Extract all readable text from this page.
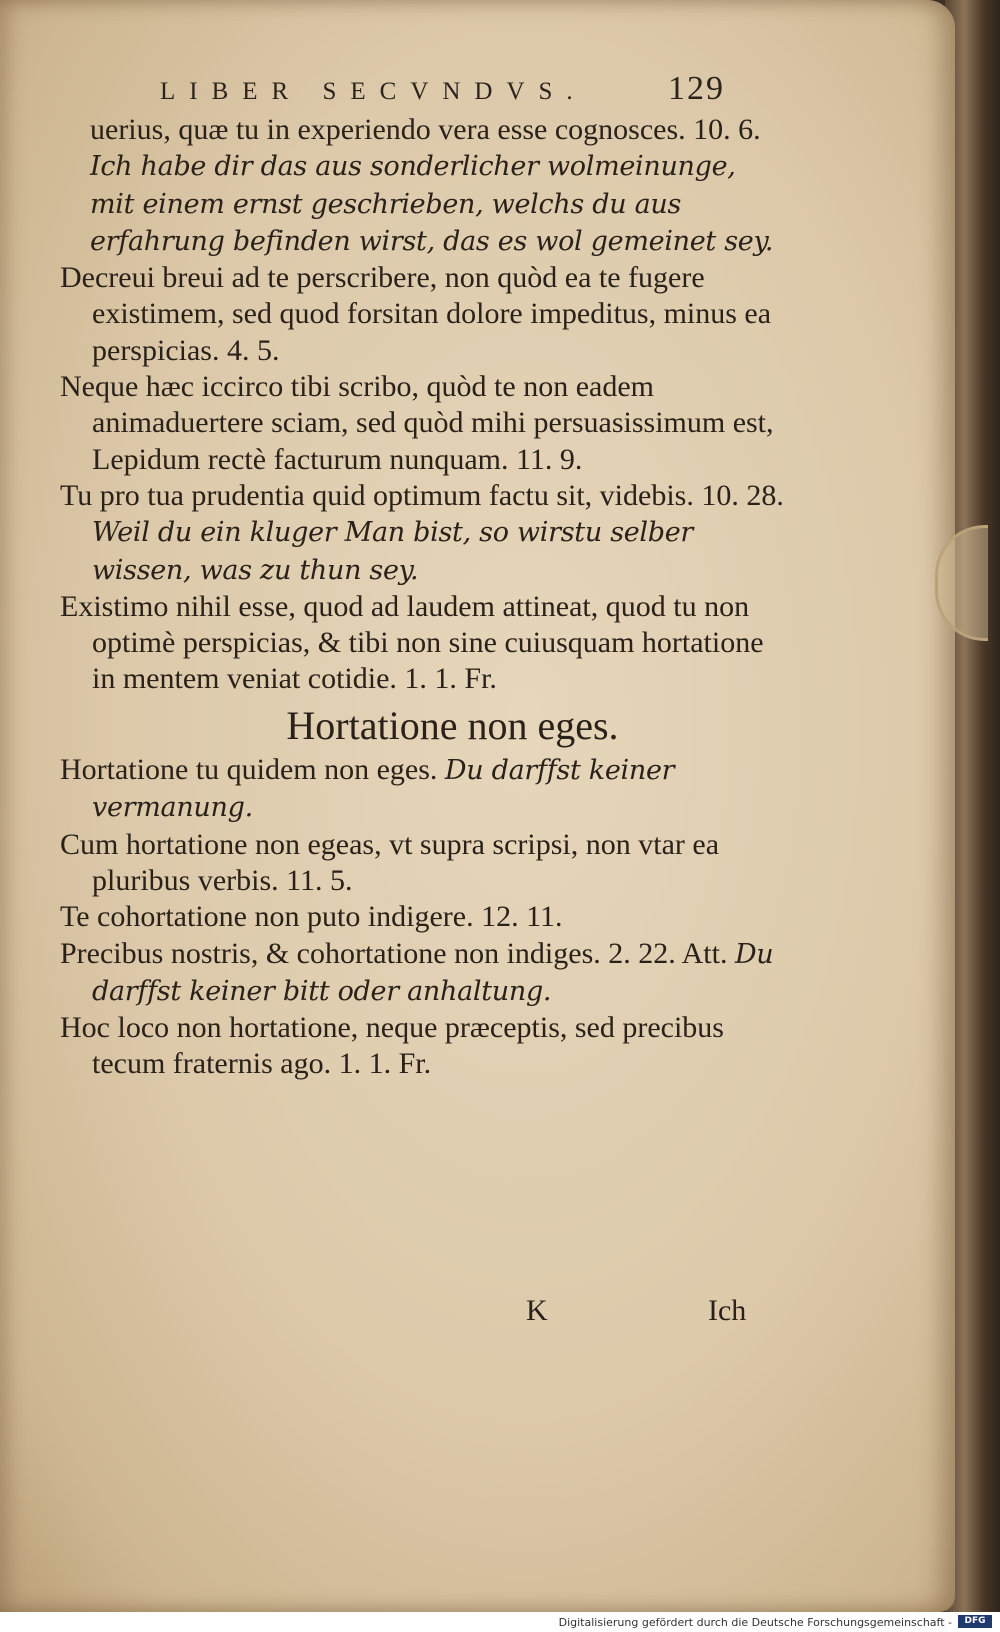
LIBER SECVNDVS.	129

uerius, quæ tu in experiendo vera esse cognosces. 10. 6. Ich habe dir das aus sonderlicher wolmeinunge, mit einem ernst geschrieben, welchs du aus erfahrung befinden wirst, das es wol gemeinet sey.

Decreui breui ad te perscribere, non quòd ea te fugere existimem, sed quod forsitan dolore impeditus, minus ea perspicias. 4. 5.

Neque hæc iccirco tibi scribo, quòd te non eadem animaduertere sciam, sed quòd mihi persuasissimum est, Lepidum rectè facturum nunquam. 11. 9.

Tu pro tua prudentia quid optimum factu sit, videbis. 10. 28. Weil du ein kluger Man bist, so wirstu selber wissen, was zu thun sey.

Existimo nihil esse, quod ad laudem attineat, quod tu non optimè perspicias, & tibi non sine cuiusquam hortatione in mentem veniat cotidie. 1. 1. Fr.

Hortatione non eges.

Hortatione tu quidem non eges. Du darffst keiner vermanung.

Cum hortatione non egeas, vt supra scripsi, non vtar ea pluribus verbis. 11. 5.

Te cohortatione non puto indigere. 12. 11.

Precibus nostris, & cohortatione non indiges. 2. 22. Att. Du darffst keiner bitt oder anhaltung.

Hoc loco non hortatione, neque præceptis, sed precibus tecum fraternis ago. 1. 1. Fr.

K	Ich
Digitalisierung gefördert durch die Deutsche Forschungsgemeinschaft -	DFG
